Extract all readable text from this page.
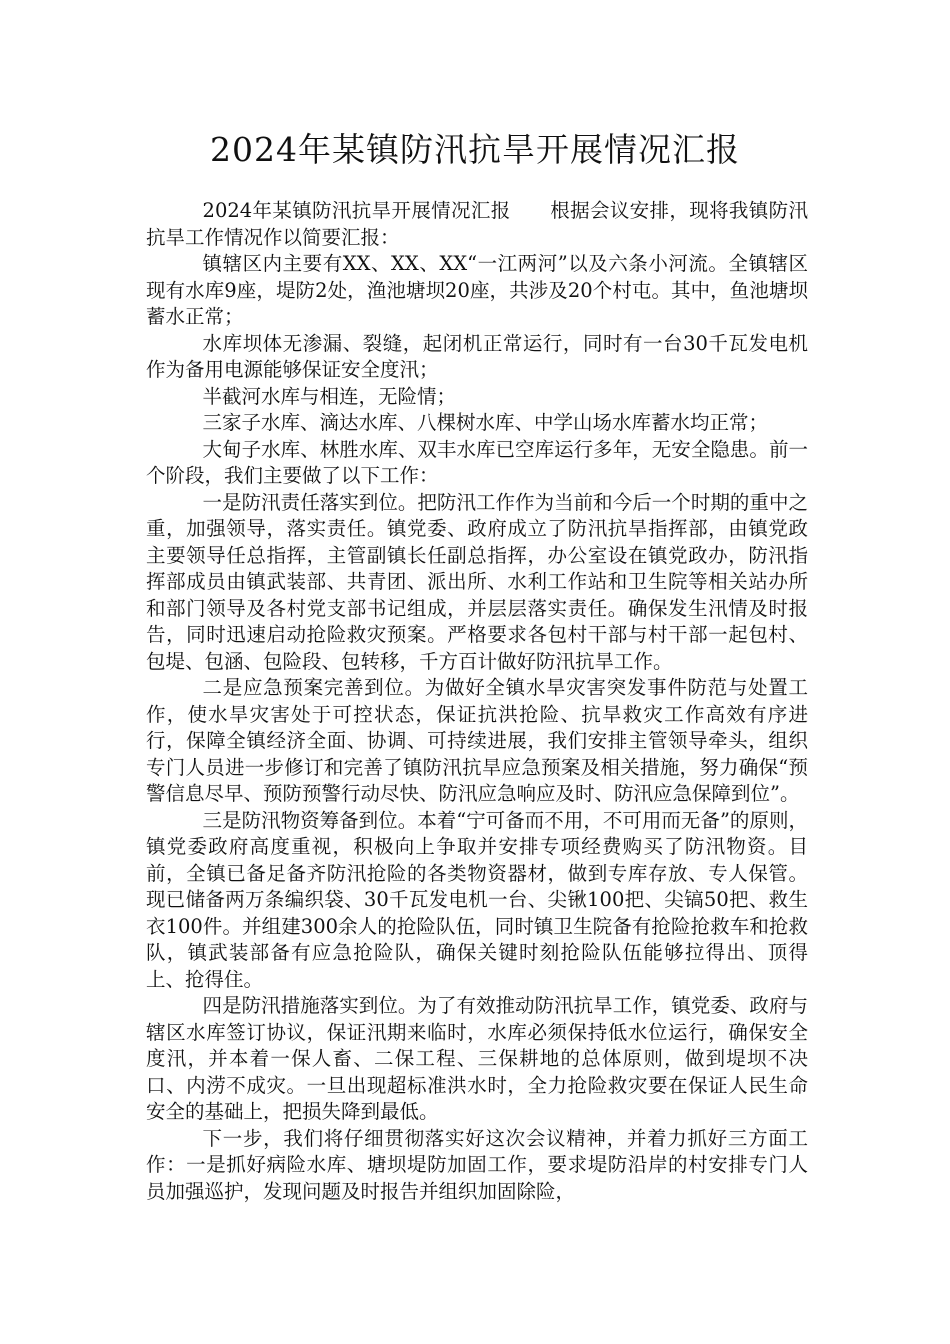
2024年某镇防汛抗旱开展情况汇报

2024年某镇防汛抗旱开展情况汇报　　根据会议安排，现将我镇防汛抗旱工作情况作以简要汇报：

镇辖区内主要有XX、XX、XX“一江两河”以及六条小河流。全镇辖区现有水库9座，堤防2处，渔池塘坝20座，共涉及20个村屯。其中，鱼池塘坝蓄水正常；

水库坝体无渗漏、裂缝，起闭机正常运行，同时有一台30千瓦发电机作为备用电源能够保证安全度汛；

半截河水库与相连，无险情；

三家子水库、滴达水库、八棵树水库、中学山场水库蓄水均正常；

大甸子水库、林胜水库、双丰水库已空库运行多年，无安全隐患。前一个阶段，我们主要做了以下工作：

一是防汛责任落实到位。把防汛工作作为当前和今后一个时期的重中之重，加强领导，落实责任。镇党委、政府成立了防汛抗旱指挥部，由镇党政主要领导任总指挥，主管副镇长任副总指挥，办公室设在镇党政办，防汛指挥部成员由镇武装部、共青团、派出所、水利工作站和卫生院等相关站办所和部门领导及各村党支部书记组成，并层层落实责任。确保发生汛情及时报告，同时迅速启动抢险救灾预案。严格要求各包村干部与村干部一起包村、包堤、包涵、包险段、包转移，千方百计做好防汛抗旱工作。

二是应急预案完善到位。为做好全镇水旱灾害突发事件防范与处置工作，使水旱灾害处于可控状态，保证抗洪抢险、抗旱救灾工作高效有序进行，保障全镇经济全面、协调、可持续进展，我们安排主管领导牵头，组织专门人员进一步修订和完善了镇防汛抗旱应急预案及相关措施，努力确保“预警信息尽早、预防预警行动尽快、防汛应急响应及时、防汛应急保障到位”。

三是防汛物资筹备到位。本着“宁可备而不用，不可用而无备”的原则，镇党委政府高度重视，积极向上争取并安排专项经费购买了防汛物资。目前，全镇已备足备齐防汛抢险的各类物资器材，做到专库存放、专人保管。现已储备两万条编织袋、30千瓦发电机一台、尖锹100把、尖镐50把、救生衣100件。并组建300余人的抢险队伍，同时镇卫生院备有抢险抢救车和抢救队，镇武装部备有应急抢险队，确保关键时刻抢险队伍能够拉得出、顶得上、抢得住。

四是防汛措施落实到位。为了有效推动防汛抗旱工作，镇党委、政府与辖区水库签订协议，保证汛期来临时，水库必须保持低水位运行，确保安全度汛，并本着一保人畜、二保工程、三保耕地的总体原则，做到堤坝不决口、内涝不成灾。一旦出现超标准洪水时，全力抢险救灾要在保证人民生命安全的基础上，把损失降到最低。

下一步，我们将仔细贯彻落实好这次会议精神，并着力抓好三方面工作：一是抓好病险水库、塘坝堤防加固工作，要求堤防沿岸的村安排专门人员加强巡护，发现问题及时报告并组织加固除险，
